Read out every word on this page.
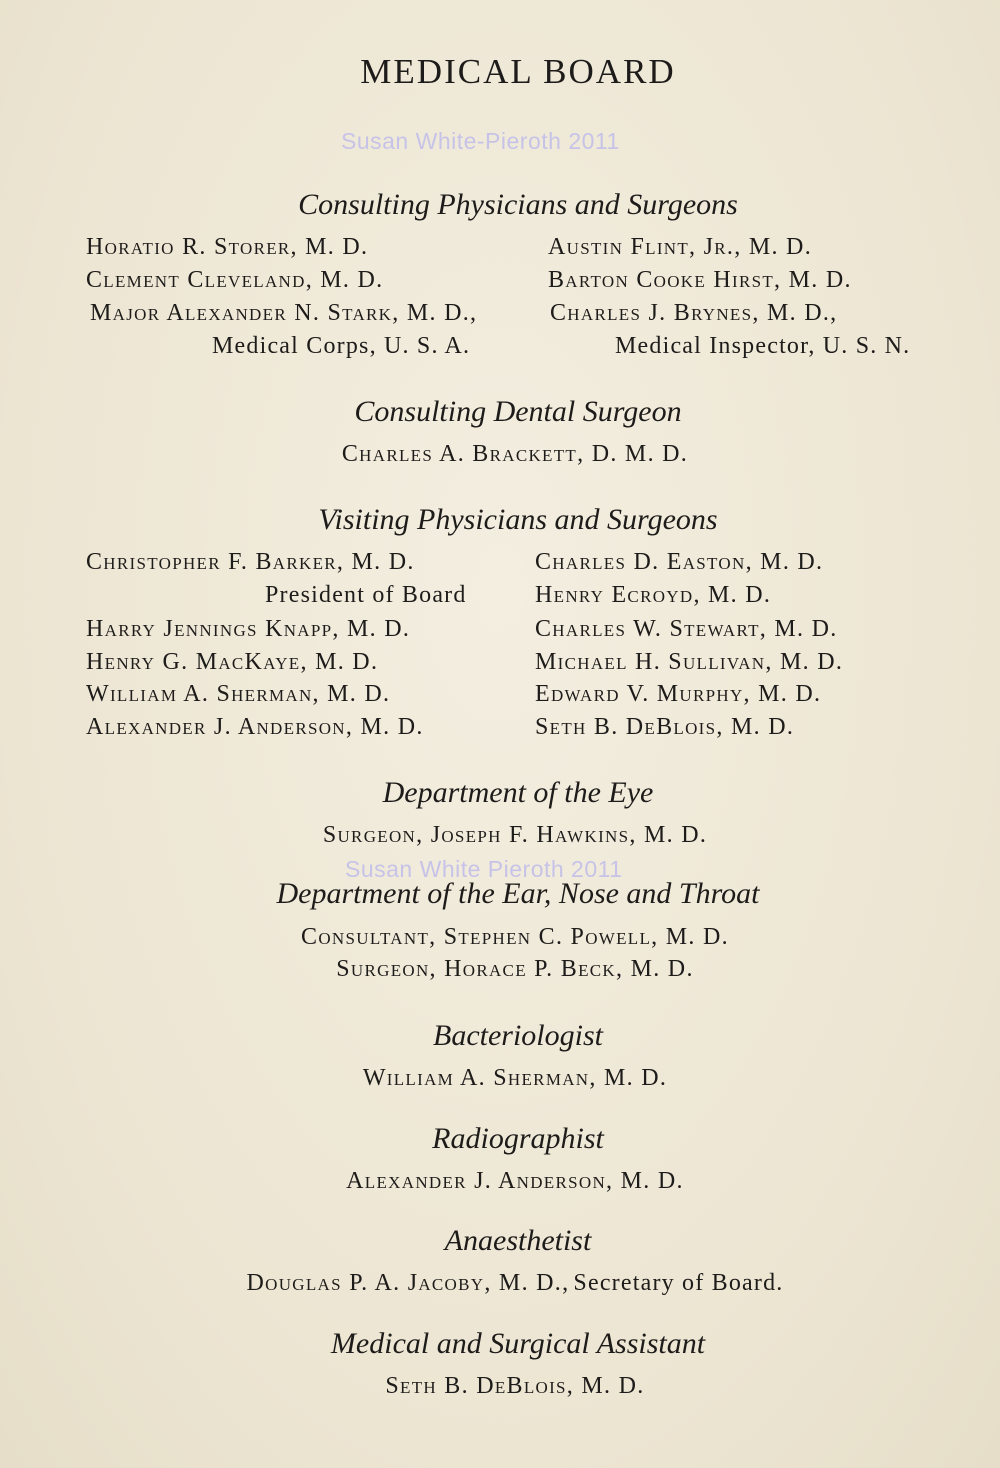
MEDICAL BOARD
Susan White-Pieroth 2011
Consulting Physicians and Surgeons
Horatio R. Storer, M. D.
Clement Cleveland, M. D.
Major Alexander N. Stark, M. D.,
Medical Corps, U. S. A.
Austin Flint, Jr., M. D.
Barton Cooke Hirst, M. D.
Charles J. Brynes, M. D.,
Medical Inspector, U. S. N.
Consulting Dental Surgeon
Charles A. Brackett, D. M. D.
Visiting Physicians and Surgeons
Christopher F. Barker, M. D.
President of Board
Harry Jennings Knapp, M. D.
Henry G. MacKaye, M. D.
William A. Sherman, M. D.
Alexander J. Anderson, M. D.
Charles D. Easton, M. D.
Henry Ecroyd, M. D.
Charles W. Stewart, M. D.
Michael H. Sullivan, M. D.
Edward V. Murphy, M. D.
Seth B. DeBlois, M. D.
Department of the Eye
Surgeon, Joseph F. Hawkins, M. D.
Susan White Pieroth 2011
Department of the Ear, Nose and Throat
Consultant, Stephen C. Powell, M. D.
Surgeon, Horace P. Beck, M. D.
Bacteriologist
William A. Sherman, M. D.
Radiographist
Alexander J. Anderson, M. D.
Anaesthetist
Douglas P. A. Jacoby, M. D., Secretary of Board.
Medical and Surgical Assistant
Seth B. DeBlois, M. D.
